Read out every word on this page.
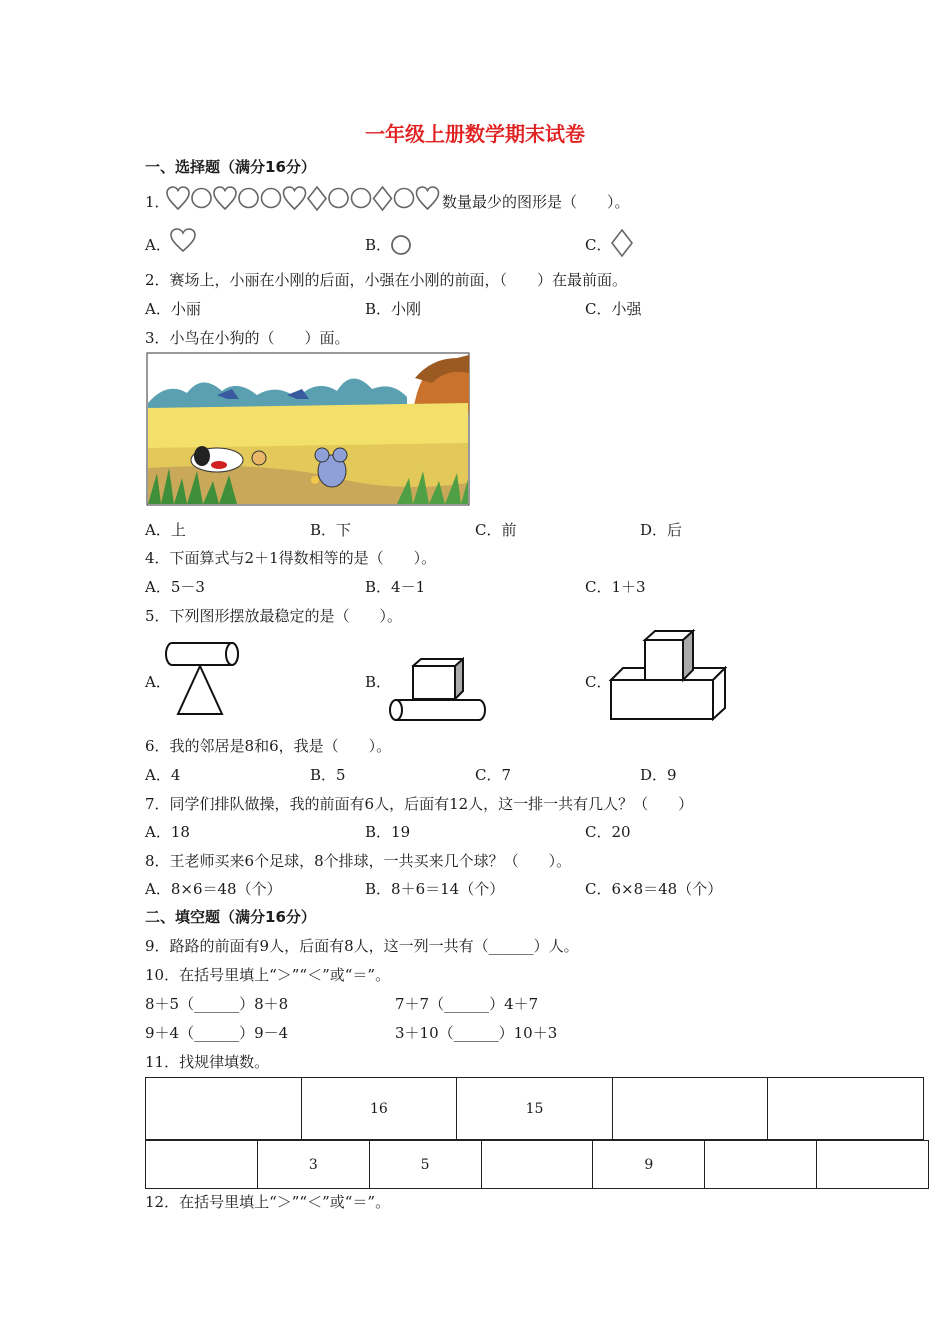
一年级上册数学期末试卷
一、选择题（满分16分）
1．	数量最少的图形是（　　）。
A．	B．	C．
2．赛场上，小丽在小刚的后面，小强在小刚的前面，（　　）在最前面。
A．小丽	B．小刚	C．小强
3．小鸟在小狗的（　　）面。
A．上	B．下	C．前	D．后
4．下面算式与2＋1得数相等的是（　　）。
A．5－3	B．4－1	C．1＋3
5．下列图形摆放最稳定的是（　　）。
A．	B．	C．
6．我的邻居是8和6，我是（　　）。
A．4	B．5	C．7	D．9
7．同学们排队做操，我的前面有6人，后面有12人，这一排一共有几人？（　　）
A．18	B．19	C．20
8．王老师买来6个足球，8个排球，一共买来几个球？（　　）。
A．8×6＝48（个）	B．8＋6＝14（个）	C．6×8＝48（个）
二、填空题（满分16分）
9．路路的前面有9人，后面有8人，这一列一共有（______）人。
10．在括号里填上“＞”“＜”或“＝”。
8＋5（______）8＋8	7＋7（______）4＋7
9＋4（______）9－4	3＋10（______）10＋3
11．找规律填数。
	16	15		
	3	5		9		
12．在括号里填上“＞”“＜”或“＝”。
